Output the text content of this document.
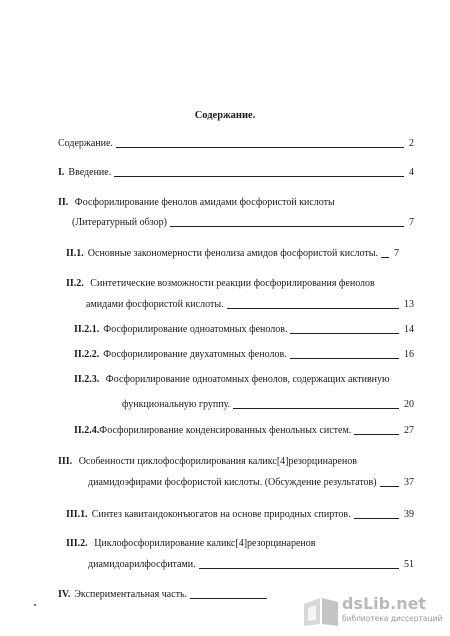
Содержание.
Содержание.	2
I. Введение.	4
II. Фосфорилирование фенолов амидами фосфористой кислоты
(Литературный обзор)	7
II.1. Основные закономерности фенолиза амидов фосфористой кислоты. 7
II.2. Синтетические возможности реакции фосфорилирования фенолов
амидами фосфористой кислоты.	13
II.2.1. Фосфорилирование одноатомных фенолов.	14
II.2.2. Фосфорилирование двухатомных фенолов.	16
II.2.3. Фосфорилирование одноатомных фенолов, содержащих активную
функциональную группу.	20
II.2.4. Фосфорилирование конденсированных фенольных систем.	27
III. Особенности циклофосфорилирования каликс[4]резорцинаренов
диамидоэфирами фосфористой кислоты. (Обсуждение результатов)	37
III.1. Синтез кавитандоконъюгатов на основе природных спиртов.	39
III.2. Циклофосфорилирование каликс[4]резорцинаренов
диамидоарилфосфитами.	51
IV. Экспериментальная часть.	dsLib.net
библиотека диссертаций
